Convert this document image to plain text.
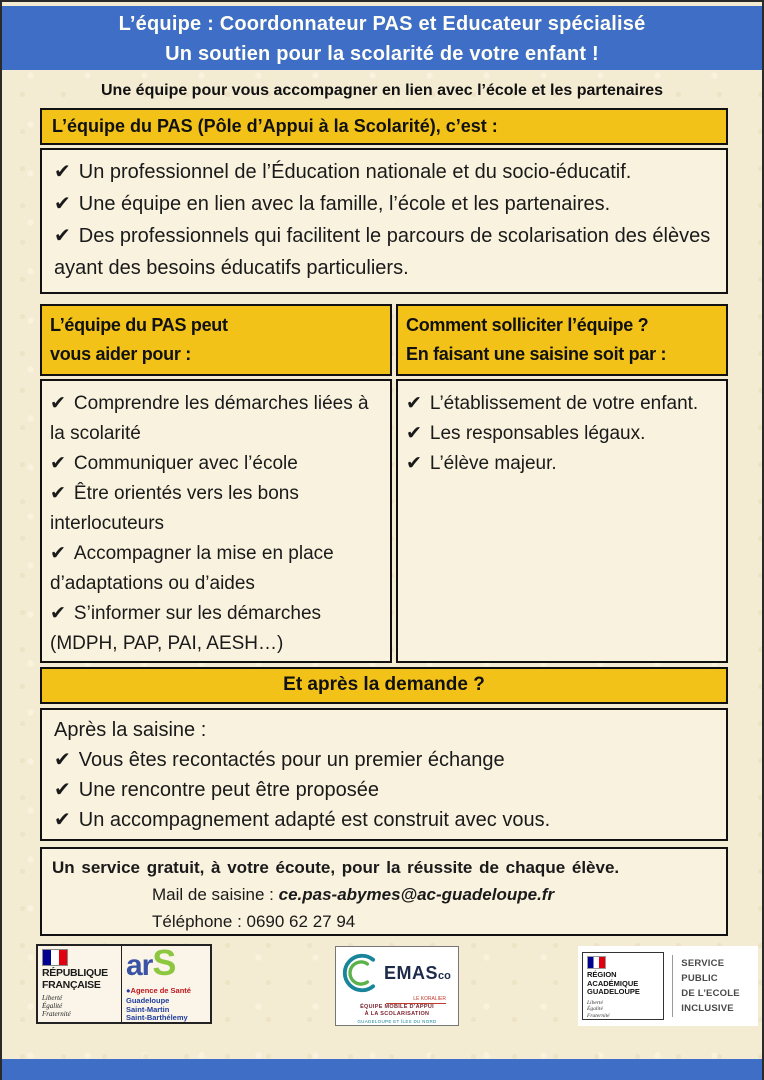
L’équipe : Coordonnateur PAS et Educateur spécialisé
Un soutien pour la scolarité de votre enfant !
Une équipe pour vous accompagner en lien avec l’école et les partenaires
L’équipe du PAS (Pôle d’Appui à la Scolarité), c’est :
✔ Un professionnel de l’Éducation nationale et du socio-éducatif.
✔ Une équipe en lien avec la famille, l’école et les partenaires.
✔ Des professionnels qui facilitent le parcours de scolarisation des élèves ayant des besoins éducatifs particuliers.
L’équipe du PAS peut
vous aider pour :
✔ Comprendre les démarches liées à la scolarité
✔ Communiquer avec l’école
✔ Être orientés vers les bons interlocuteurs
✔ Accompagner la mise en place d’adaptations ou d’aides
✔ S’informer sur les démarches (MDPH, PAP, PAI, AESH…)
Comment solliciter l’équipe ?
En faisant une saisine soit par :
✔ L’établissement de votre enfant.
✔ Les responsables légaux.
✔ L’élève majeur.
Et après la demande ?
Après la saisine :
✔ Vous êtes recontactés pour un premier échange
✔ Une rencontre peut être proposée
✔ Un accompagnement adapté est construit avec vous.
Un service gratuit, à votre écoute, pour la réussite de chaque élève.
Mail de saisine : ce.pas-abymes@ac-guadeloupe.fr
Téléphone : 0690 62 27 94
RÉPUBLIQUE
FRANÇAISE
Liberté
Égalité
Fraternité
arS
●Agence de Santé
Guadeloupe
Saint-Martin
Saint-Barthélemy
EMASco
LE KORALIER
ÉQUIPE MOBILE D’APPUI
À LA SCOLARISATION
GUADELOUPE ET ÎLES DU NORD
RÉGION ACADÉMIQUE
GUADELOUPE
Liberté
Égalité
Fraternité
SERVICE PUBLIC
DE L’ECOLE
INCLUSIVE
